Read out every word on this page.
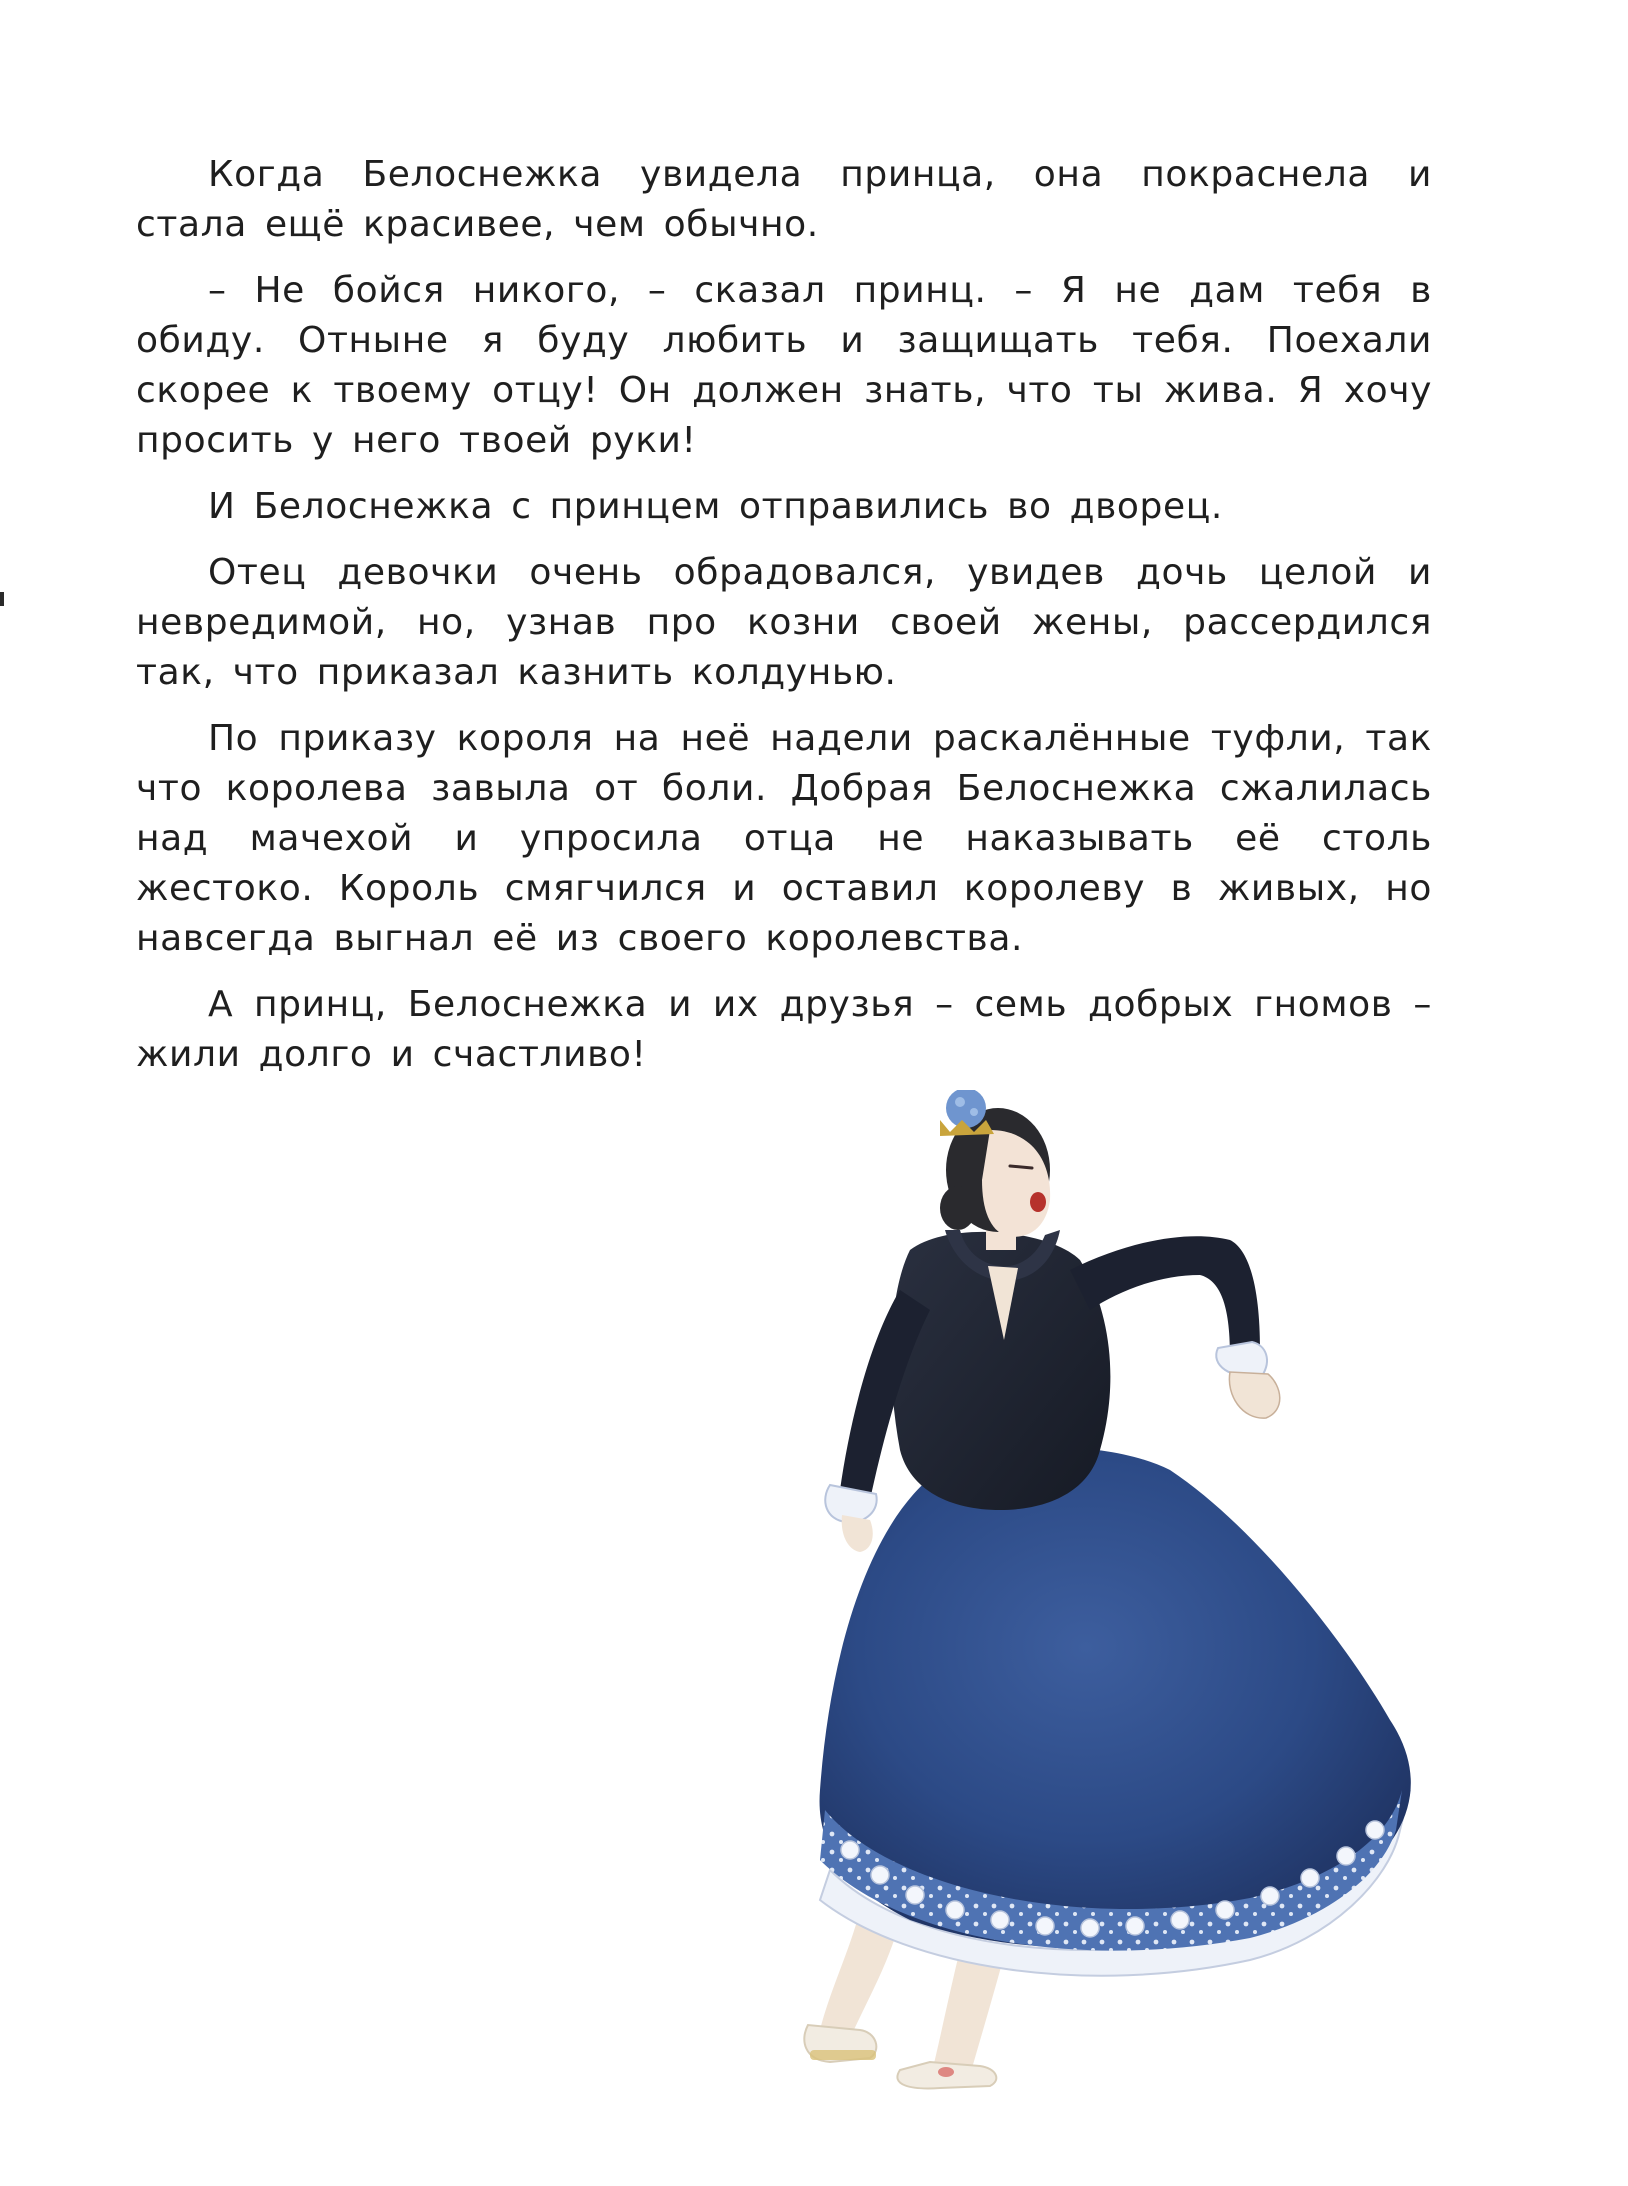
Когда Белоснежка увидела принца, она покраснела и стала ещё красивее, чем обычно.

– Не бойся никого, – сказал принц. – Я не дам тебя в обиду. Отныне я буду любить и защищать тебя. Поехали скорее к твоему отцу! Он должен знать, что ты жива. Я хочу просить у него твоей руки!

И Белоснежка с принцем отправились во дворец.

Отец девочки очень обрадовался, увидев дочь целой и невредимой, но, узнав про козни своей жены, рассердился так, что приказал казнить колдунью.

По приказу короля на неё надели раскалённые туфли, так что королева завыла от боли. Добрая Белоснежка сжалилась над мачехой и упросила отца не наказывать её столь жестоко. Король смягчился и оставил королеву в живых, но навсегда выгнал её из своего королевства.

А принц, Белоснежка и их друзья – семь добрых гномов – жили долго и счастливо!
